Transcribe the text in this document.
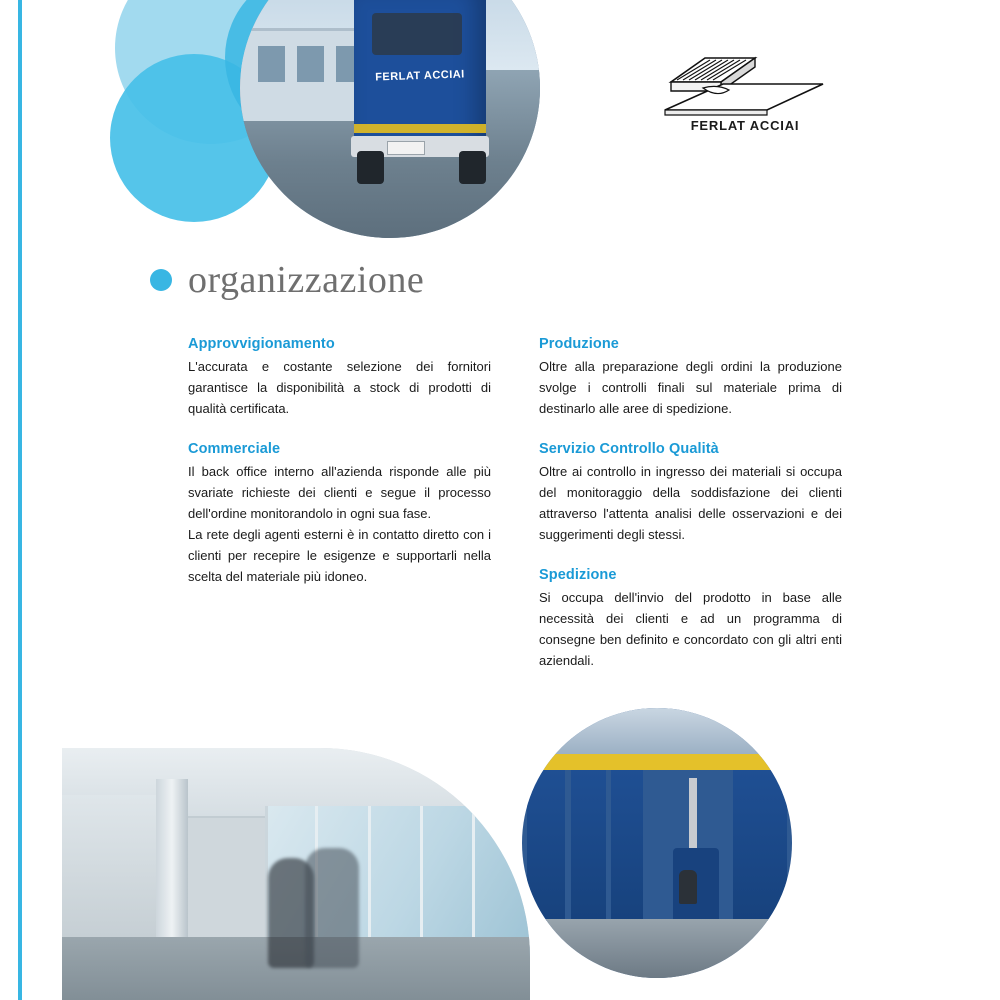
FERLAT ACCIAI
FERLAT ACCIAI
organizzazione
Approvvigionamento

L'accurata e costante selezione dei fornitori garantisce la disponibilità a stock di prodotti di qualità certificata.

Commerciale

Il back office interno all'azienda risponde alle più svariate richieste dei clienti e segue il processo dell'ordine monitorandolo in ogni sua fase.

La rete degli agenti esterni è in contatto diretto con i clienti per recepire le esigenze e supportarli nella scelta del materiale più idoneo.

Produzione

Oltre alla preparazione degli ordini la produzione svolge i controlli finali sul materiale prima di destinarlo alle aree di spedizione.

Servizio Controllo Qualità

Oltre ai controllo in ingresso dei materiali si occupa del monitoraggio della soddisfazione dei clienti attraverso l'attenta analisi delle osservazioni e dei suggerimenti degli stessi.

Spedizione

Si occupa dell'invio del prodotto in base alle necessità dei clienti e ad un programma di consegne ben definito e concordato con gli altri enti aziendali.
